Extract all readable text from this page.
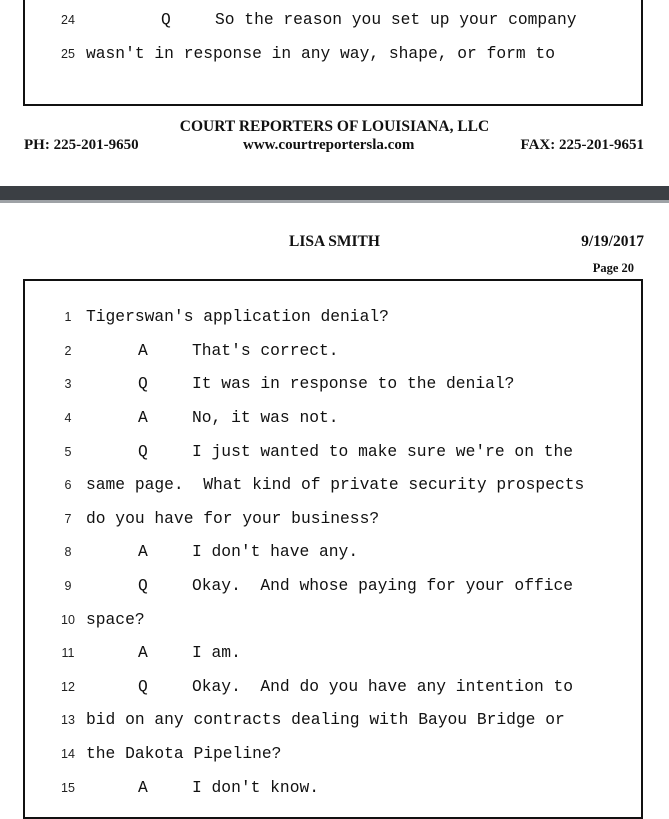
24	Q	So the reason you set up your company
25 wasn't in response in any way, shape, or form to
COURT REPORTERS OF LOUISIANA, LLC
PH: 225-201-9650	www.courtreportersla.com	FAX: 225-201-9651
LISA SMITH	9/19/2017
Page 20
1 Tigerswan's application denial?
2	A	That's correct.
3	Q	It was in response to the denial?
4	A	No, it was not.
5	Q	I just wanted to make sure we're on the
6 same page.  What kind of private security prospects
7 do you have for your business?
8	A	I don't have any.
9	Q	Okay.  And whose paying for your office
10 space?
11	A	I am.
12	Q	Okay.  And do you have any intention to
13 bid on any contracts dealing with Bayou Bridge or
14 the Dakota Pipeline?
15	A	I don't know.
